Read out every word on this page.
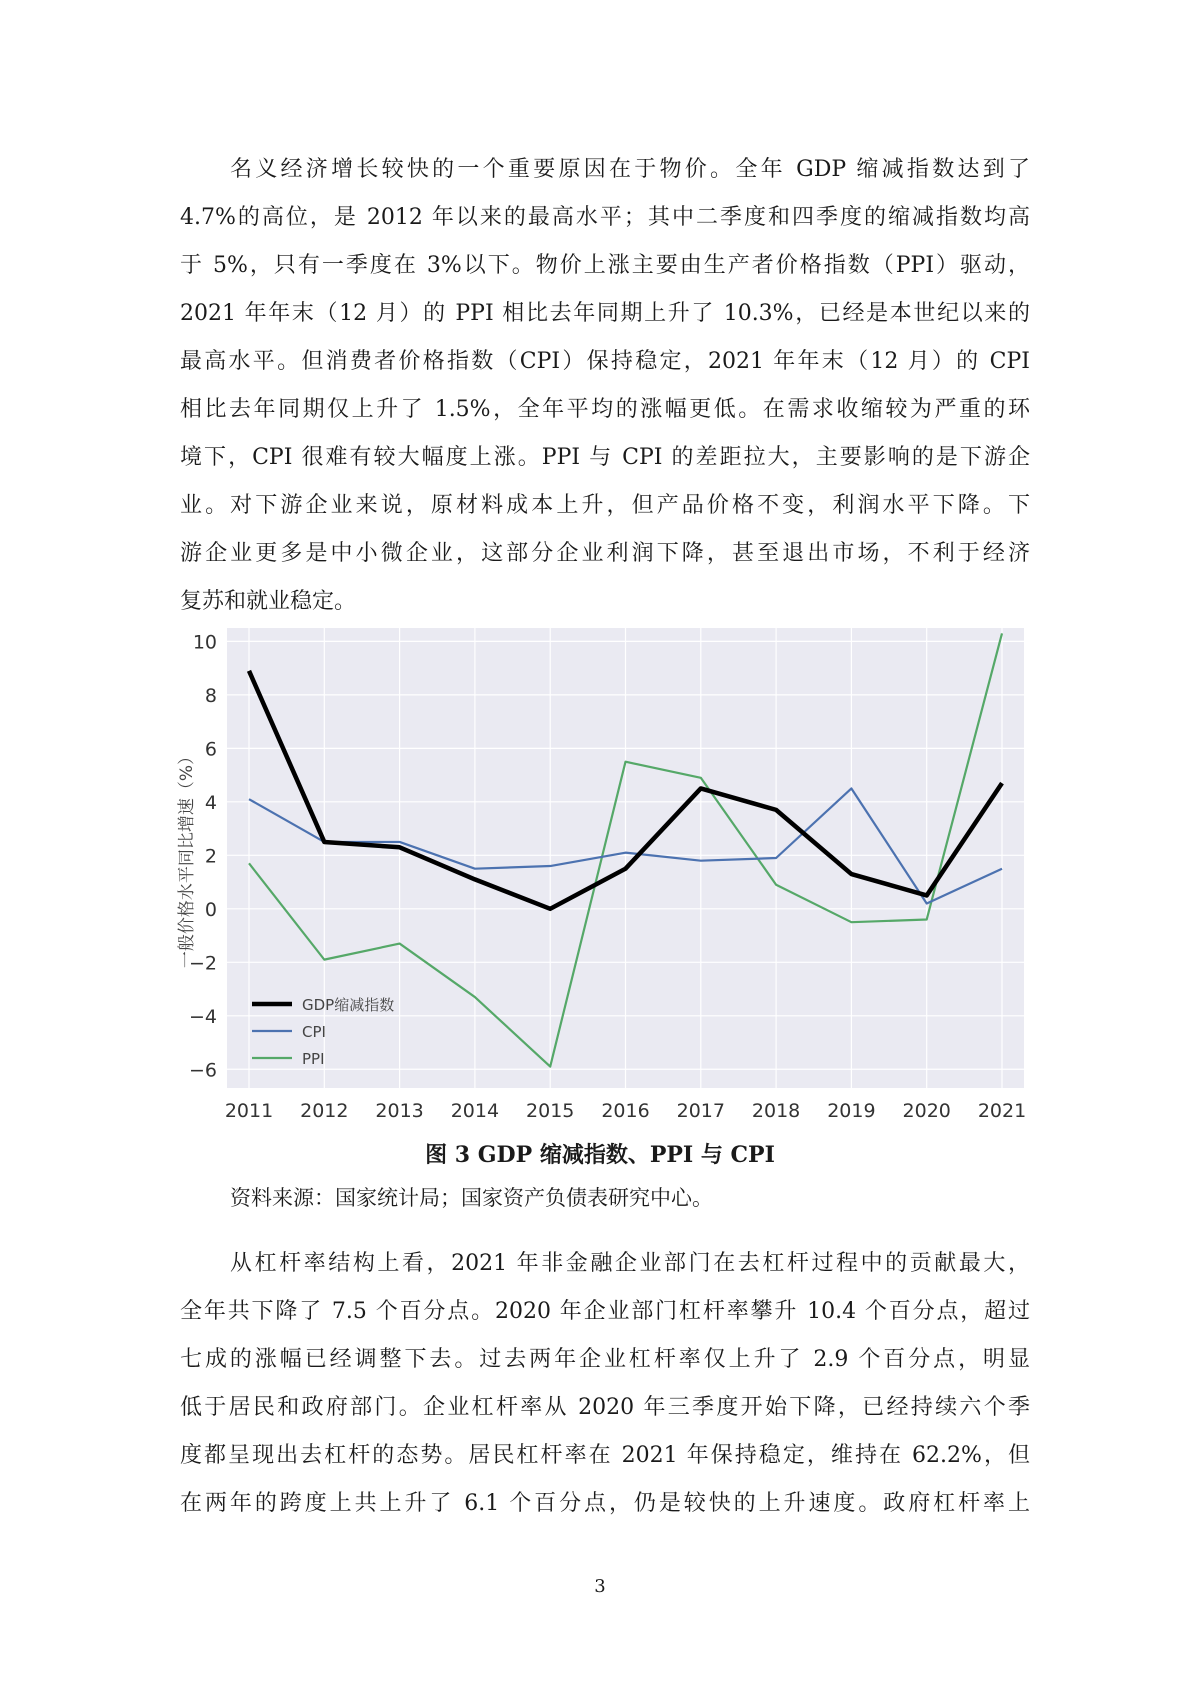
名义经济增长较快的一个重要原因在于物价。全年 GDP 缩减指数达到了
4.7%的高位，是 2012 年以来的最高水平；其中二季度和四季度的缩减指数均高
于 5%，只有一季度在 3%以下。物价上涨主要由生产者价格指数（PPI）驱动，
2021 年年末（12 月）的 PPI 相比去年同期上升了 10.3%，已经是本世纪以来的
最高水平。但消费者价格指数（CPI）保持稳定，2021 年年末（12 月）的 CPI
相比去年同期仅上升了 1.5%，全年平均的涨幅更低。在需求收缩较为严重的环
境下，CPI 很难有较大幅度上涨。PPI 与 CPI 的差距拉大，主要影响的是下游企
业。对下游企业来说，原材料成本上升，但产品价格不变，利润水平下降。下
游企业更多是中小微企业，这部分企业利润下降，甚至退出市场，不利于经济
复苏和就业稳定。
10
8
6
4
2
0
−2
−4
−6
2011 2012 2013 2014 2015 2016 2017 2018 2019 2020 2021
一般价格水平同比增速（%）
GDP缩减指数
CPI
PPI
图 3 GDP 缩减指数、PPI 与 CPI
资料来源：国家统计局；国家资产负债表研究中心。
从杠杆率结构上看，2021 年非金融企业部门在去杠杆过程中的贡献最大，
全年共下降了 7.5 个百分点。2020 年企业部门杠杆率攀升 10.4 个百分点，超过
七成的涨幅已经调整下去。过去两年企业杠杆率仅上升了 2.9 个百分点，明显
低于居民和政府部门。企业杠杆率从 2020 年三季度开始下降，已经持续六个季
度都呈现出去杠杆的态势。居民杠杆率在 2021 年保持稳定，维持在 62.2%，但
在两年的跨度上共上升了 6.1 个百分点，仍是较快的上升速度。政府杠杆率上
3
